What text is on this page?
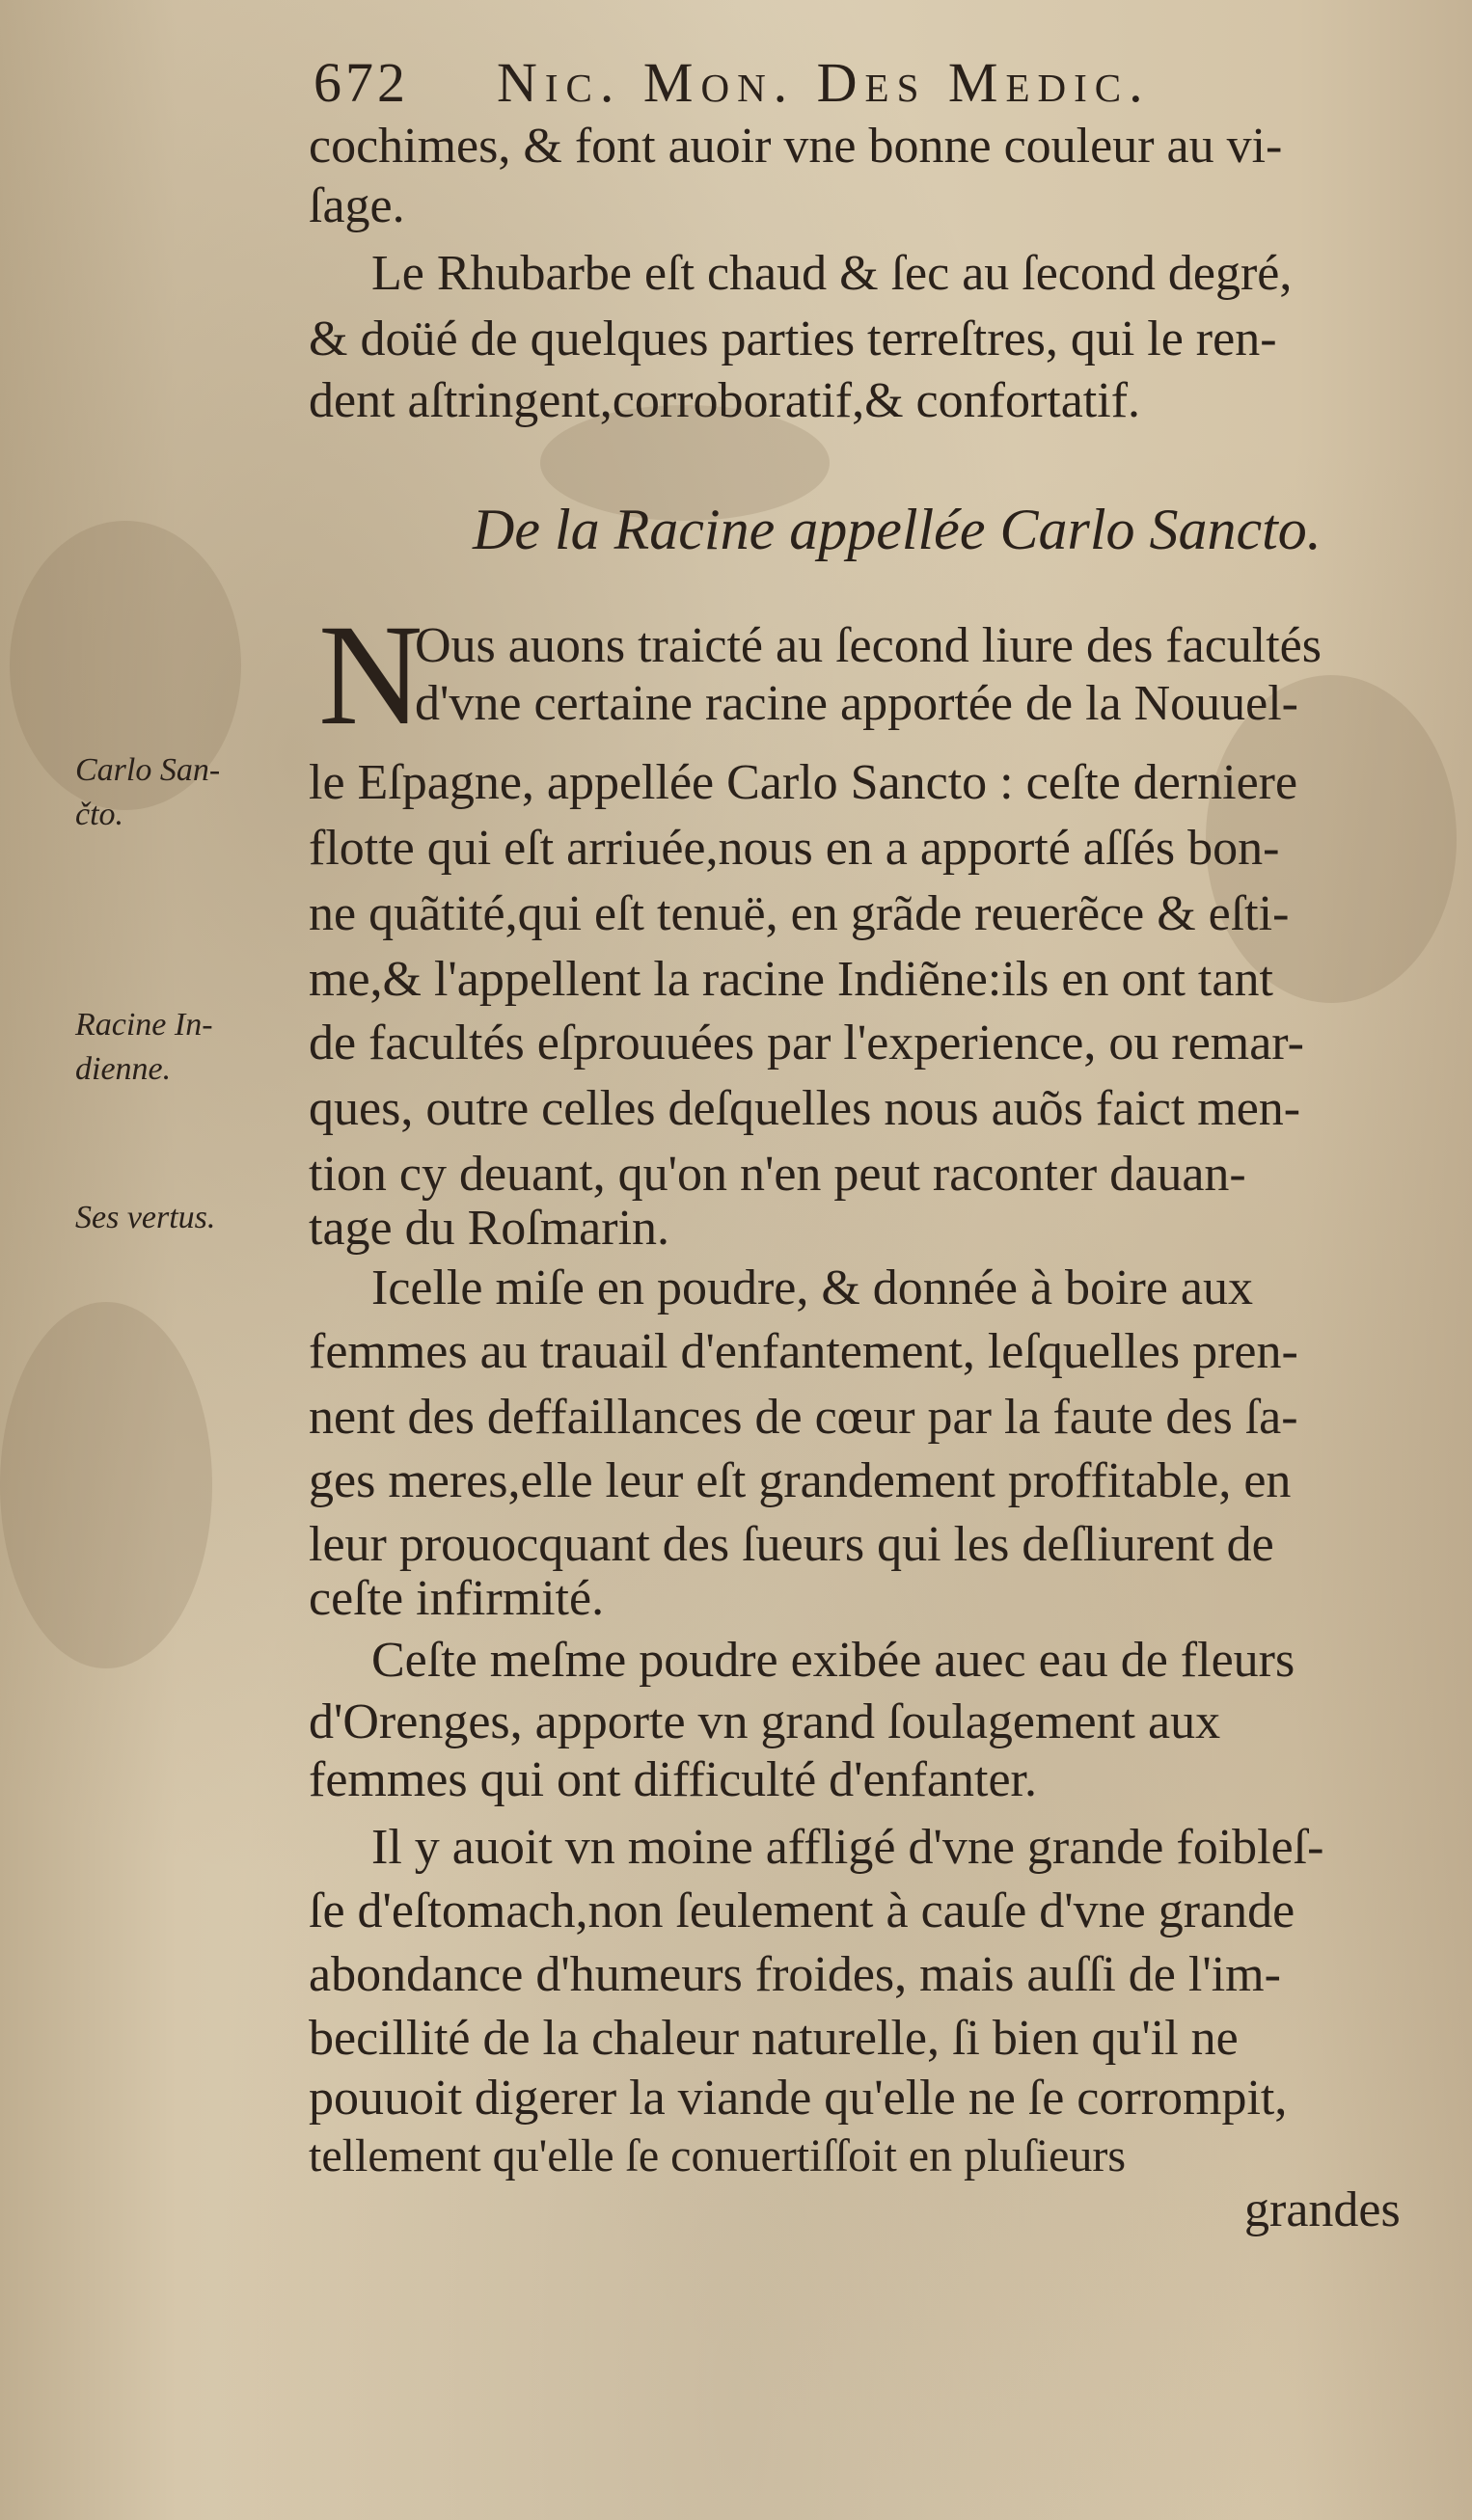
672 Nic. Mon. Des Medic.
cochimes, & font auoir vne bonne couleur au vi-
ſage.
Le Rhubarbe eſt chaud & ſec au ſecond degré,
& doüé de quelques parties terreſtres, qui le ren-
dent aſtringent,corroboratif,& confortatif.
De la Racine appellée Carlo Sancto.
N
Ous auons traicté au ſecond liure des facultés
d'vne certaine racine apportée de la Nouuel-
le Eſpagne, appellée Carlo Sancto : ceſte derniere
flotte qui eſt arriuée,nous en a apporté aſſés bon-
ne quãtité,qui eſt tenuë, en grãde reuerẽce & eſti-
me,& l'appellent la racine Indiẽne:ils en ont tant
de facultés eſprouuées par l'experience, ou remar-
ques, outre celles deſquelles nous auõs faict men-
tion cy deuant, qu'on n'en peut raconter dauan-
tage du Roſmarin.
Icelle miſe en poudre, & donnée à boire aux
femmes au trauail d'enfantement, leſquelles pren-
nent des deffaillances de cœur par la faute des ſa-
ges meres,elle leur eſt grandement proffitable, en
leur prouocquant des ſueurs qui les deſliurent de
ceſte infirmité.
Ceſte meſme poudre exibée auec eau de fleurs
d'Orenges, apporte vn grand ſoulagement aux
femmes qui ont difficulté d'enfanter.
Il y auoit vn moine affligé d'vne grande foibleſ-
ſe d'eſtomach,non ſeulement à cauſe d'vne grande
abondance d'humeurs froides, mais auſſi de l'im-
becillité de la chaleur naturelle, ſi bien qu'il ne
pouuoit digerer la viande qu'elle ne ſe corrompit,
tellement qu'elle ſe conuertiſſoit en pluſieurs
grandes
Carlo San-
čto.
Racine In-
dienne.
Ses vertus.
